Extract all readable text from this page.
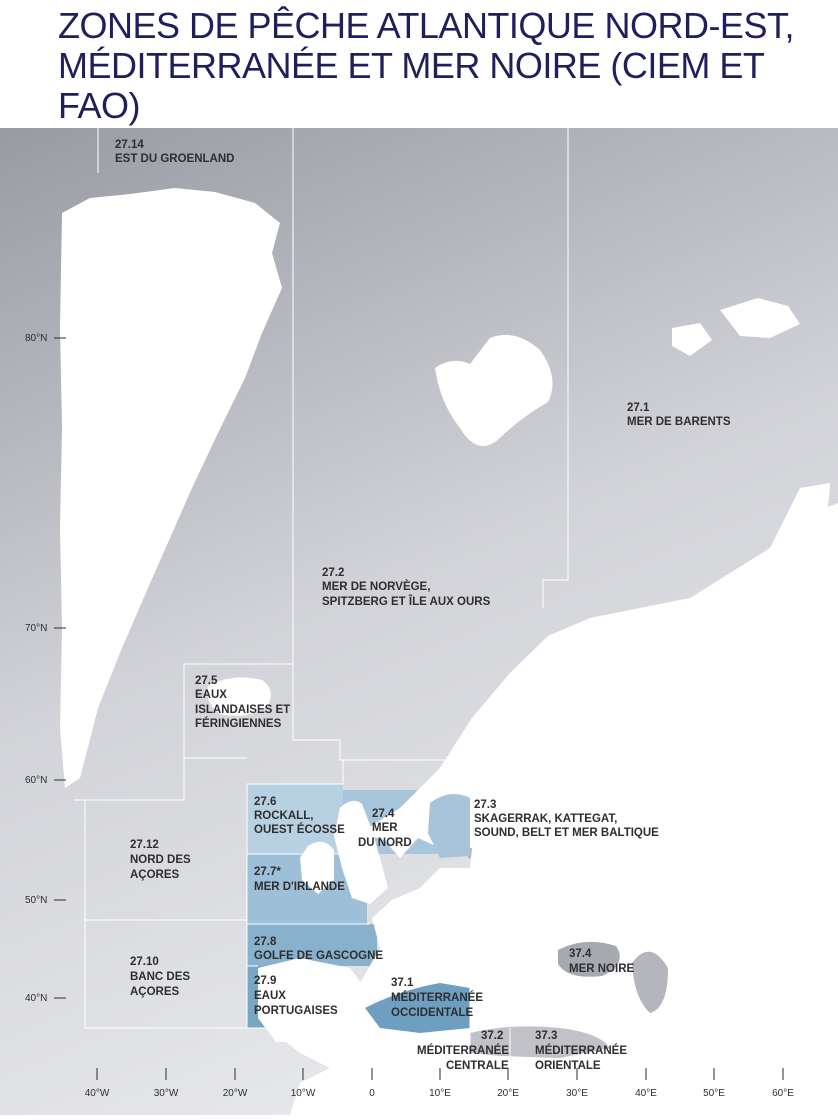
ZONES DE PÊCHE ATLANTIQUE NORD-EST,
MÉDITERRANÉE ET MER NOIRE (CIEM ET FAO)
80°N
70°N
60°N
50°N
40°N
40°W	30°W	20°W	10°W	0	10°E	20°E	30°E	40°E	50°E	60°E
27.14 EST DU GROENLAND
27.1 MER DE BARENTS
27.2 MER DE NORVÈGE, SPITZBERG ET ÎLE AUX OURS
27.5 EAUX ISLANDAISES ET FÉRINGIENNES
27.6 ROCKALL, OUEST ÉCOSSE
27.4 MER DU NORD
27.3 SKAGERRAK, KATTEGAT, SOUND, BELT ET MER BALTIQUE
27.12 NORD DES AÇORES	27.7* MER D'IRLANDE
27.8 GOLFE DE GASCOGNE
27.10 BANC DES AÇORES
27.9 EAUX PORTUGAISES
37.1 MÉDITERRANÉE OCCIDENTALE
37.4 MER NOIRE
37.2 MÉDITERRANÉE CENTRALE
37.3 MÉDITERRANÉE ORIENTALE
